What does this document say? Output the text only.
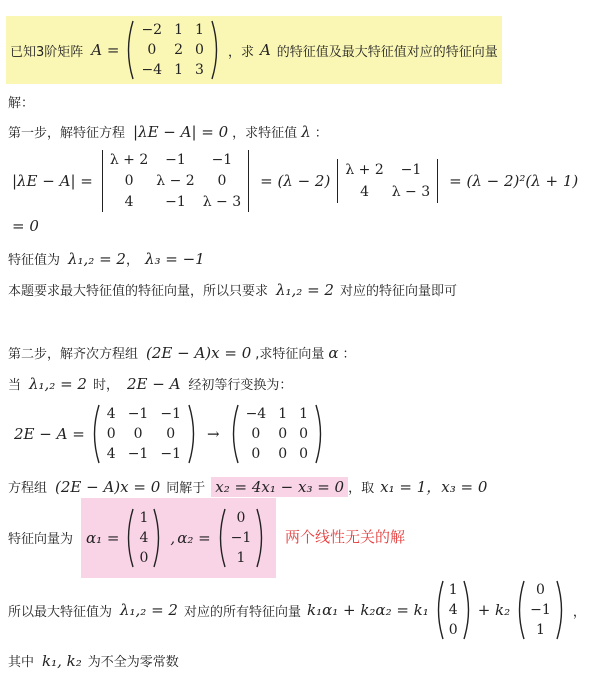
已知3阶矩阵 A =
−2	1	1
0	2	0
−4	1	3
，求 A 的特征值及最大特征值对应的特征向量
解：
第一步，解特征方程 |λE − A| = 0 ，求特征值 λ ：
|λE − A| =
λ + 2	−1	−1
0	λ − 2	0
4	−1	λ − 3
= (λ − 2)
λ + 2	−1
4	λ − 3
= (λ − 2)²(λ + 1)
= 0
特征值为 λ₁,₂ = 2 ， λ₃ = −1
本题要求最大特征值的特征向量，所以只要求 λ₁,₂ = 2 对应的特征向量即可
第二步，解齐次方程组 (2E − A)x = 0 ,求特征向量 α ：
当 λ₁,₂ = 2 时， 2E − A 经初等行变换为：
2E − A =
4	−1	−1
0	0	0
4	−1	−1
→
−4	1	1
0	0	0
0	0	0
方程组 (2E − A)x = 0 同解于 x₂ = 4x₁ − x₃ = 0 ，取 x₁ = 1，x₃ = 0
特征向量为 α₁ =
1
4
0
, α₂ =
0
−1
1
两个线性无关的解
所以最大特征值为 λ₁,₂ = 2 对应的所有特征向量 k₁α₁ + k₂α₂ = k₁
1
4
0
+ k₂
0
−1
1
，
其中 k₁, k₂ 为不全为零常数
